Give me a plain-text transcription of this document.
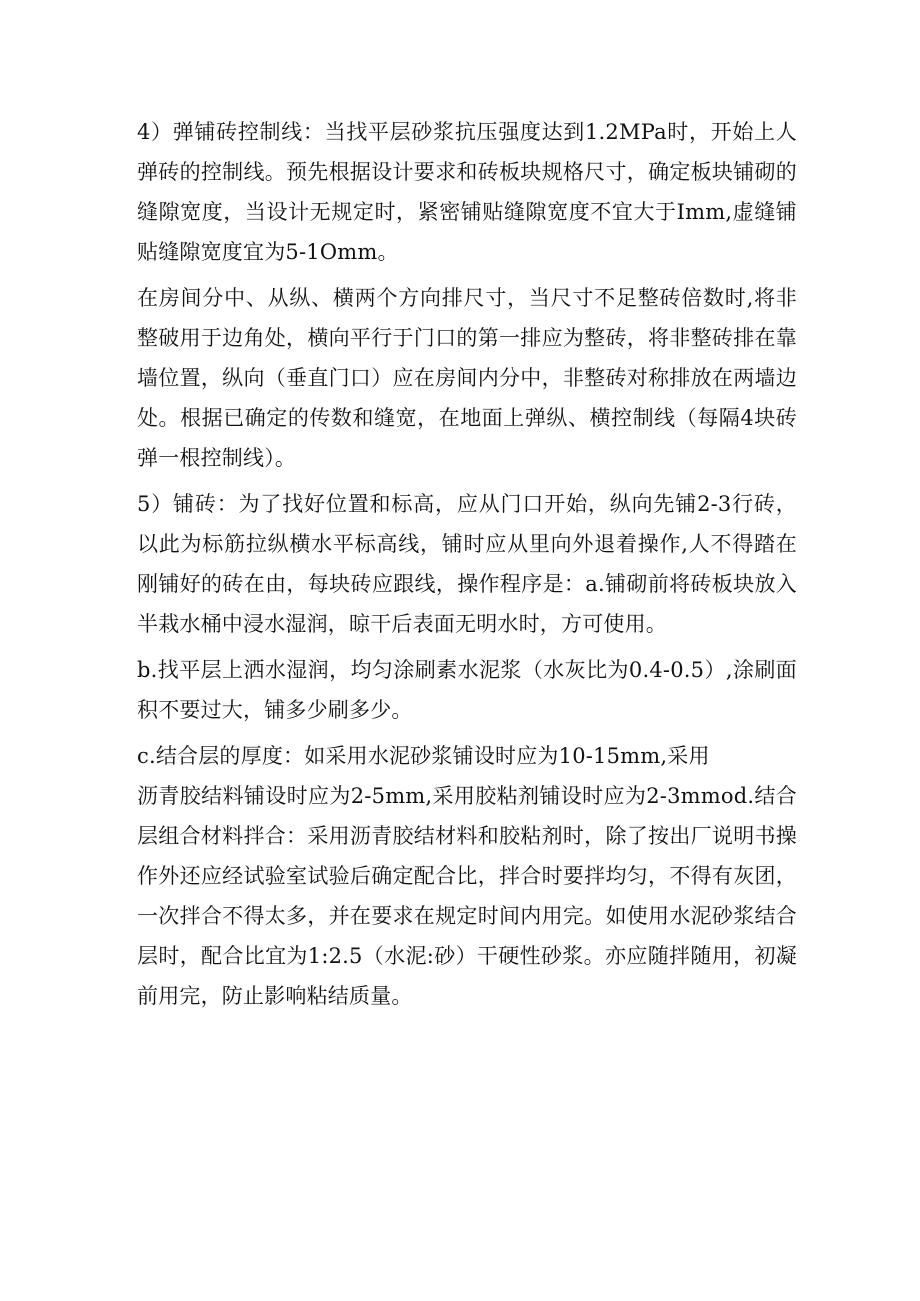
4）弹铺砖控制线：当找平层砂浆抗压强度达到1.2MPa时，开始上人弹砖的控制线。预先根据设计要求和砖板块规格尺寸，确定板块铺砌的缝隙宽度，当设计无规定时，紧密铺贴缝隙宽度不宜大于Imm,虚缝铺贴缝隙宽度宜为5-1Omm。

在房间分中、从纵、横两个方向排尺寸，当尺寸不足整砖倍数时,将非整破用于边角处，横向平行于门口的第一排应为整砖，将非整砖排在靠墙位置，纵向（垂直门口）应在房间内分中，非整砖对称排放在两墙边处。根据已确定的传数和缝宽，在地面上弹纵、横控制线（每隔4块砖弹一根控制线）。

5）铺砖：为了找好位置和标高，应从门口开始，纵向先铺2-3行砖，以此为标筋拉纵横水平标高线，铺时应从里向外退着操作,人不得踏在刚铺好的砖在由，每块砖应跟线，操作程序是：a.铺砌前将砖板块放入半栽水桶中浸水湿润，晾干后表面无明水时，方可使用。

b.找平层上洒水湿润，均匀涂刷素水泥浆（水灰比为0.4-0.5）,涂刷面积不要过大，铺多少刷多少。

c.结合层的厚度：如采用水泥砂浆铺设时应为10-15mm,采用

沥青胶结料铺设时应为2-5mm,采用胶粘剂铺设时应为2-3mmod.结合层组合材料拌合：采用沥青胶结材料和胶粘剂时，除了按出厂说明书操作外还应经试验室试验后确定配合比，拌合时要拌均匀，不得有灰团，一次拌合不得太多，并在要求在规定时间内用完。如使用水泥砂浆结合层时，配合比宜为1:2.5（水泥:砂）干硬性砂浆。亦应随拌随用，初凝前用完，防止影响粘结质量。
